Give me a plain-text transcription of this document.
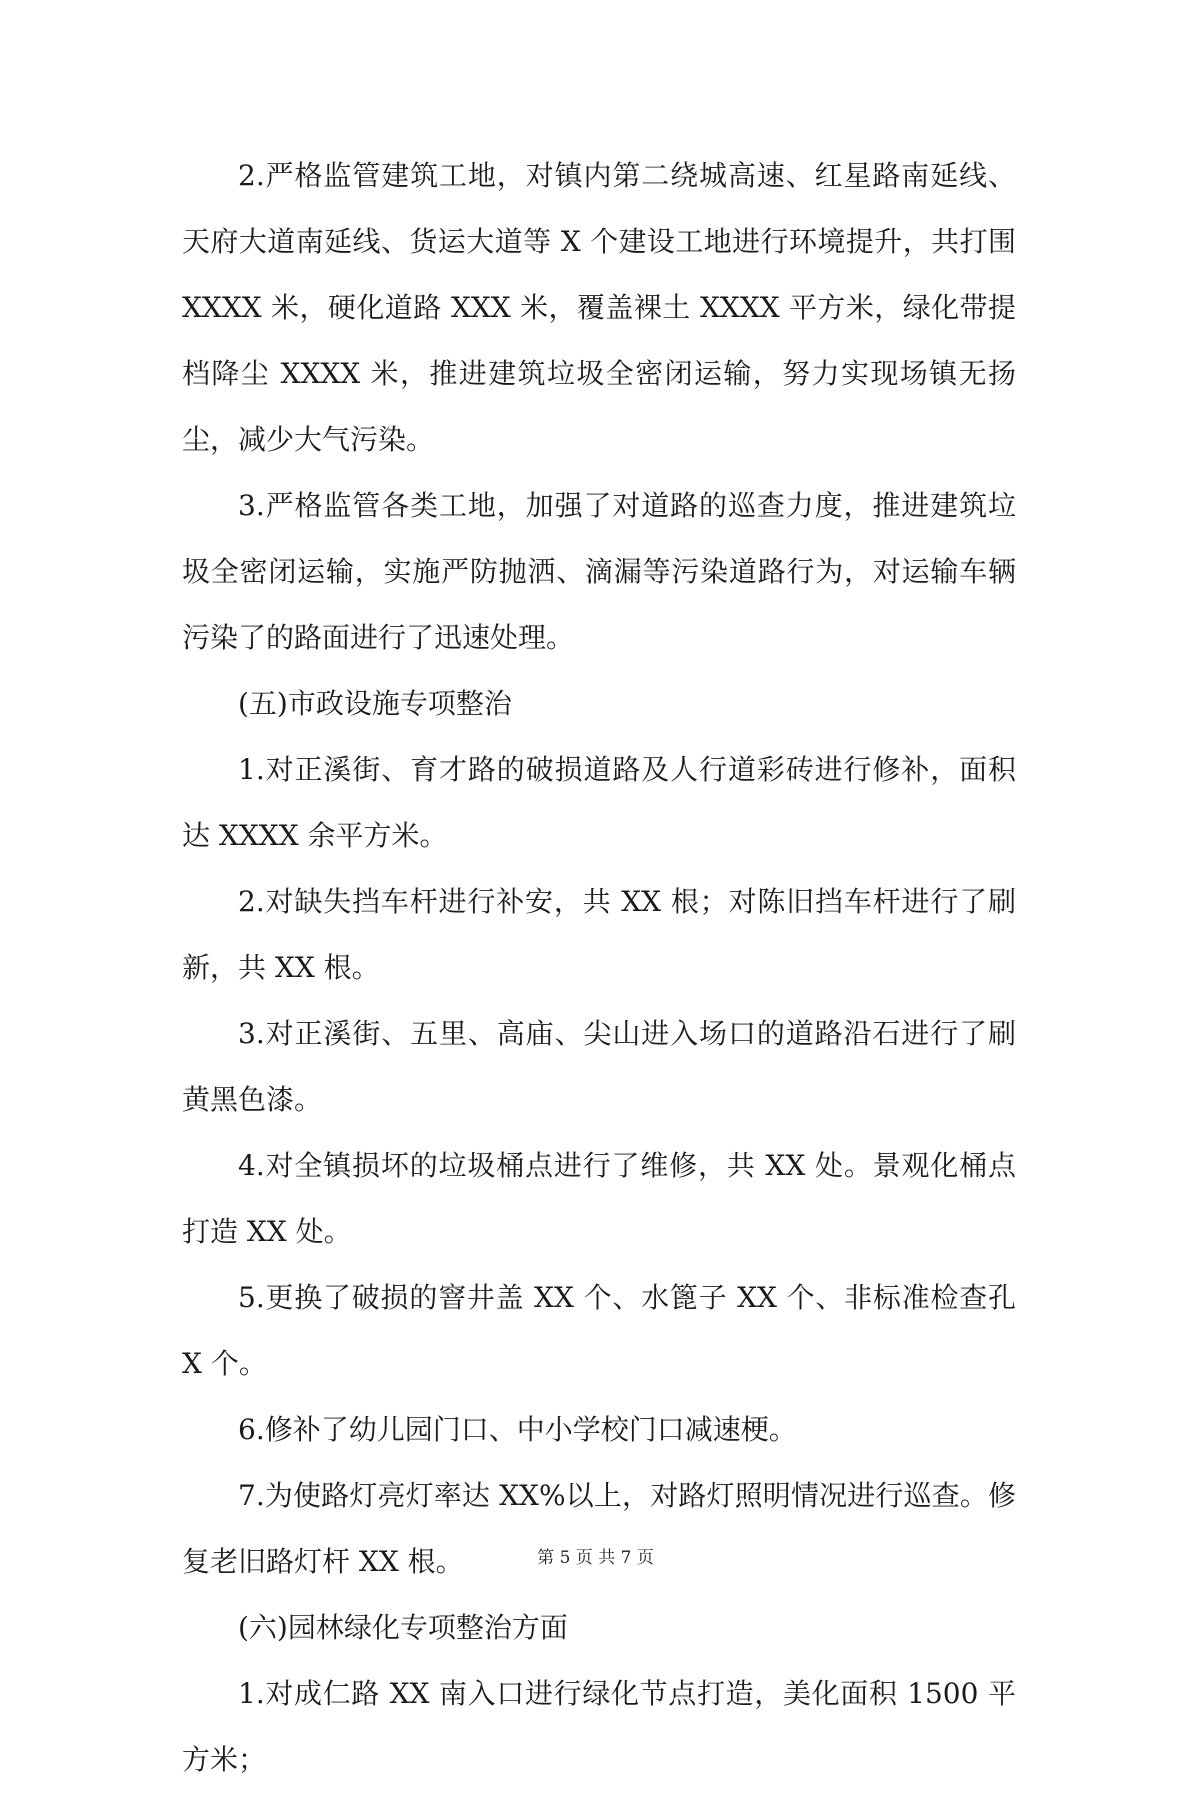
2.严格监管建筑工地，对镇内第二绕城高速、红星路南延线、天府大道南延线、货运大道等 X 个建设工地进行环境提升，共打围 XXXX 米，硬化道路 XXX 米，覆盖裸土 XXXX 平方米，绿化带提档降尘 XXXX 米，推进建筑垃圾全密闭运输，努力实现场镇无扬尘，减少大气污染。

3.严格监管各类工地，加强了对道路的巡查力度，推进建筑垃圾全密闭运输，实施严防抛洒、滴漏等污染道路行为，对运输车辆污染了的路面进行了迅速处理。

(五)市政设施专项整治

1.对正溪街、育才路的破损道路及人行道彩砖进行修补，面积达 XXXX 余平方米。

2.对缺失挡车杆进行补安，共 XX 根；对陈旧挡车杆进行了刷新，共 XX 根。

3.对正溪街、五里、高庙、尖山进入场口的道路沿石进行了刷黄黑色漆。

4.对全镇损坏的垃圾桶点进行了维修，共 XX 处。景观化桶点打造 XX 处。

5.更换了破损的窨井盖 XX 个、水篦子 XX 个、非标准检查孔 X 个。

6.修补了幼儿园门口、中小学校门口减速梗。

7.为使路灯亮灯率达 XX%以上，对路灯照明情况进行巡查。修复老旧路灯杆 XX 根。

(六)园林绿化专项整治方面

1.对成仁路 XX 南入口进行绿化节点打造，美化面积 1500 平方米；

第 5 页 共 7 页
